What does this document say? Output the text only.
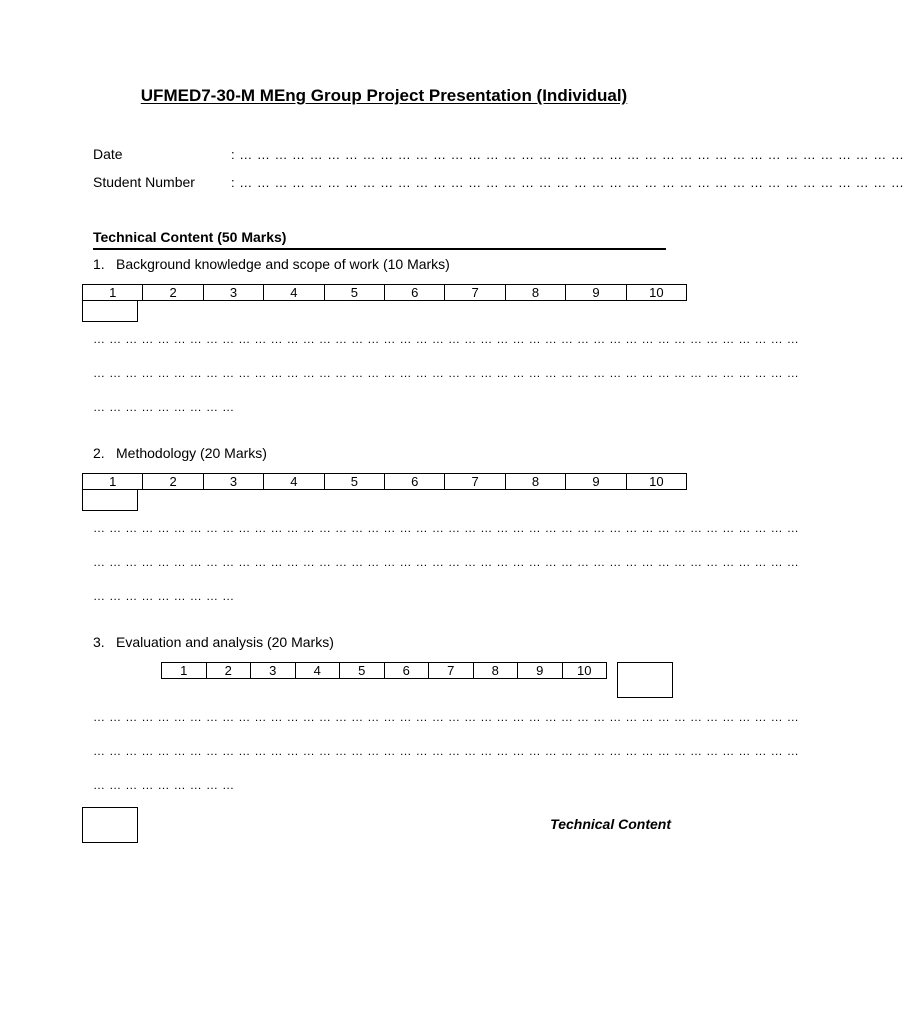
UFMED7-30-M MEng Group Project Presentation (Individual)
Date	: … … … … … … … … … … … … … … … … … … … … … … … … … … … … … … … … … … … … … …
Student Number	: … … … … … … … … … … … … … … … … … … … … … … … … … … … … … … … … … … … … … …
Technical Content (50 Marks)
1. Background knowledge and scope of work (10 Marks)
1	2	3	4	5	6	7	8	9	10
… … … … … … … … … … … … … … … … … … … … … … … … … … … … … … … … … … … … … … … … … … … …
… … … … … … … … … … … … … … … … … … … … … … … … … … … … … … … … … … … … … … … … … … … …
… … … … … … … … …
2. Methodology (20 Marks)
1	2	3	4	5	6	7	8	9	10
… … … … … … … … … … … … … … … … … … … … … … … … … … … … … … … … … … … … … … … … … … … …
… … … … … … … … … … … … … … … … … … … … … … … … … … … … … … … … … … … … … … … … … … … …
… … … … … … … … …
3. Evaluation and analysis (20 Marks)
1	2	3	4	5	6	7	8	9	10
… … … … … … … … … … … … … … … … … … … … … … … … … … … … … … … … … … … … … … … … … … … …
… … … … … … … … … … … … … … … … … … … … … … … … … … … … … … … … … … … … … … … … … … … …
… … … … … … … … …
Technical Content
